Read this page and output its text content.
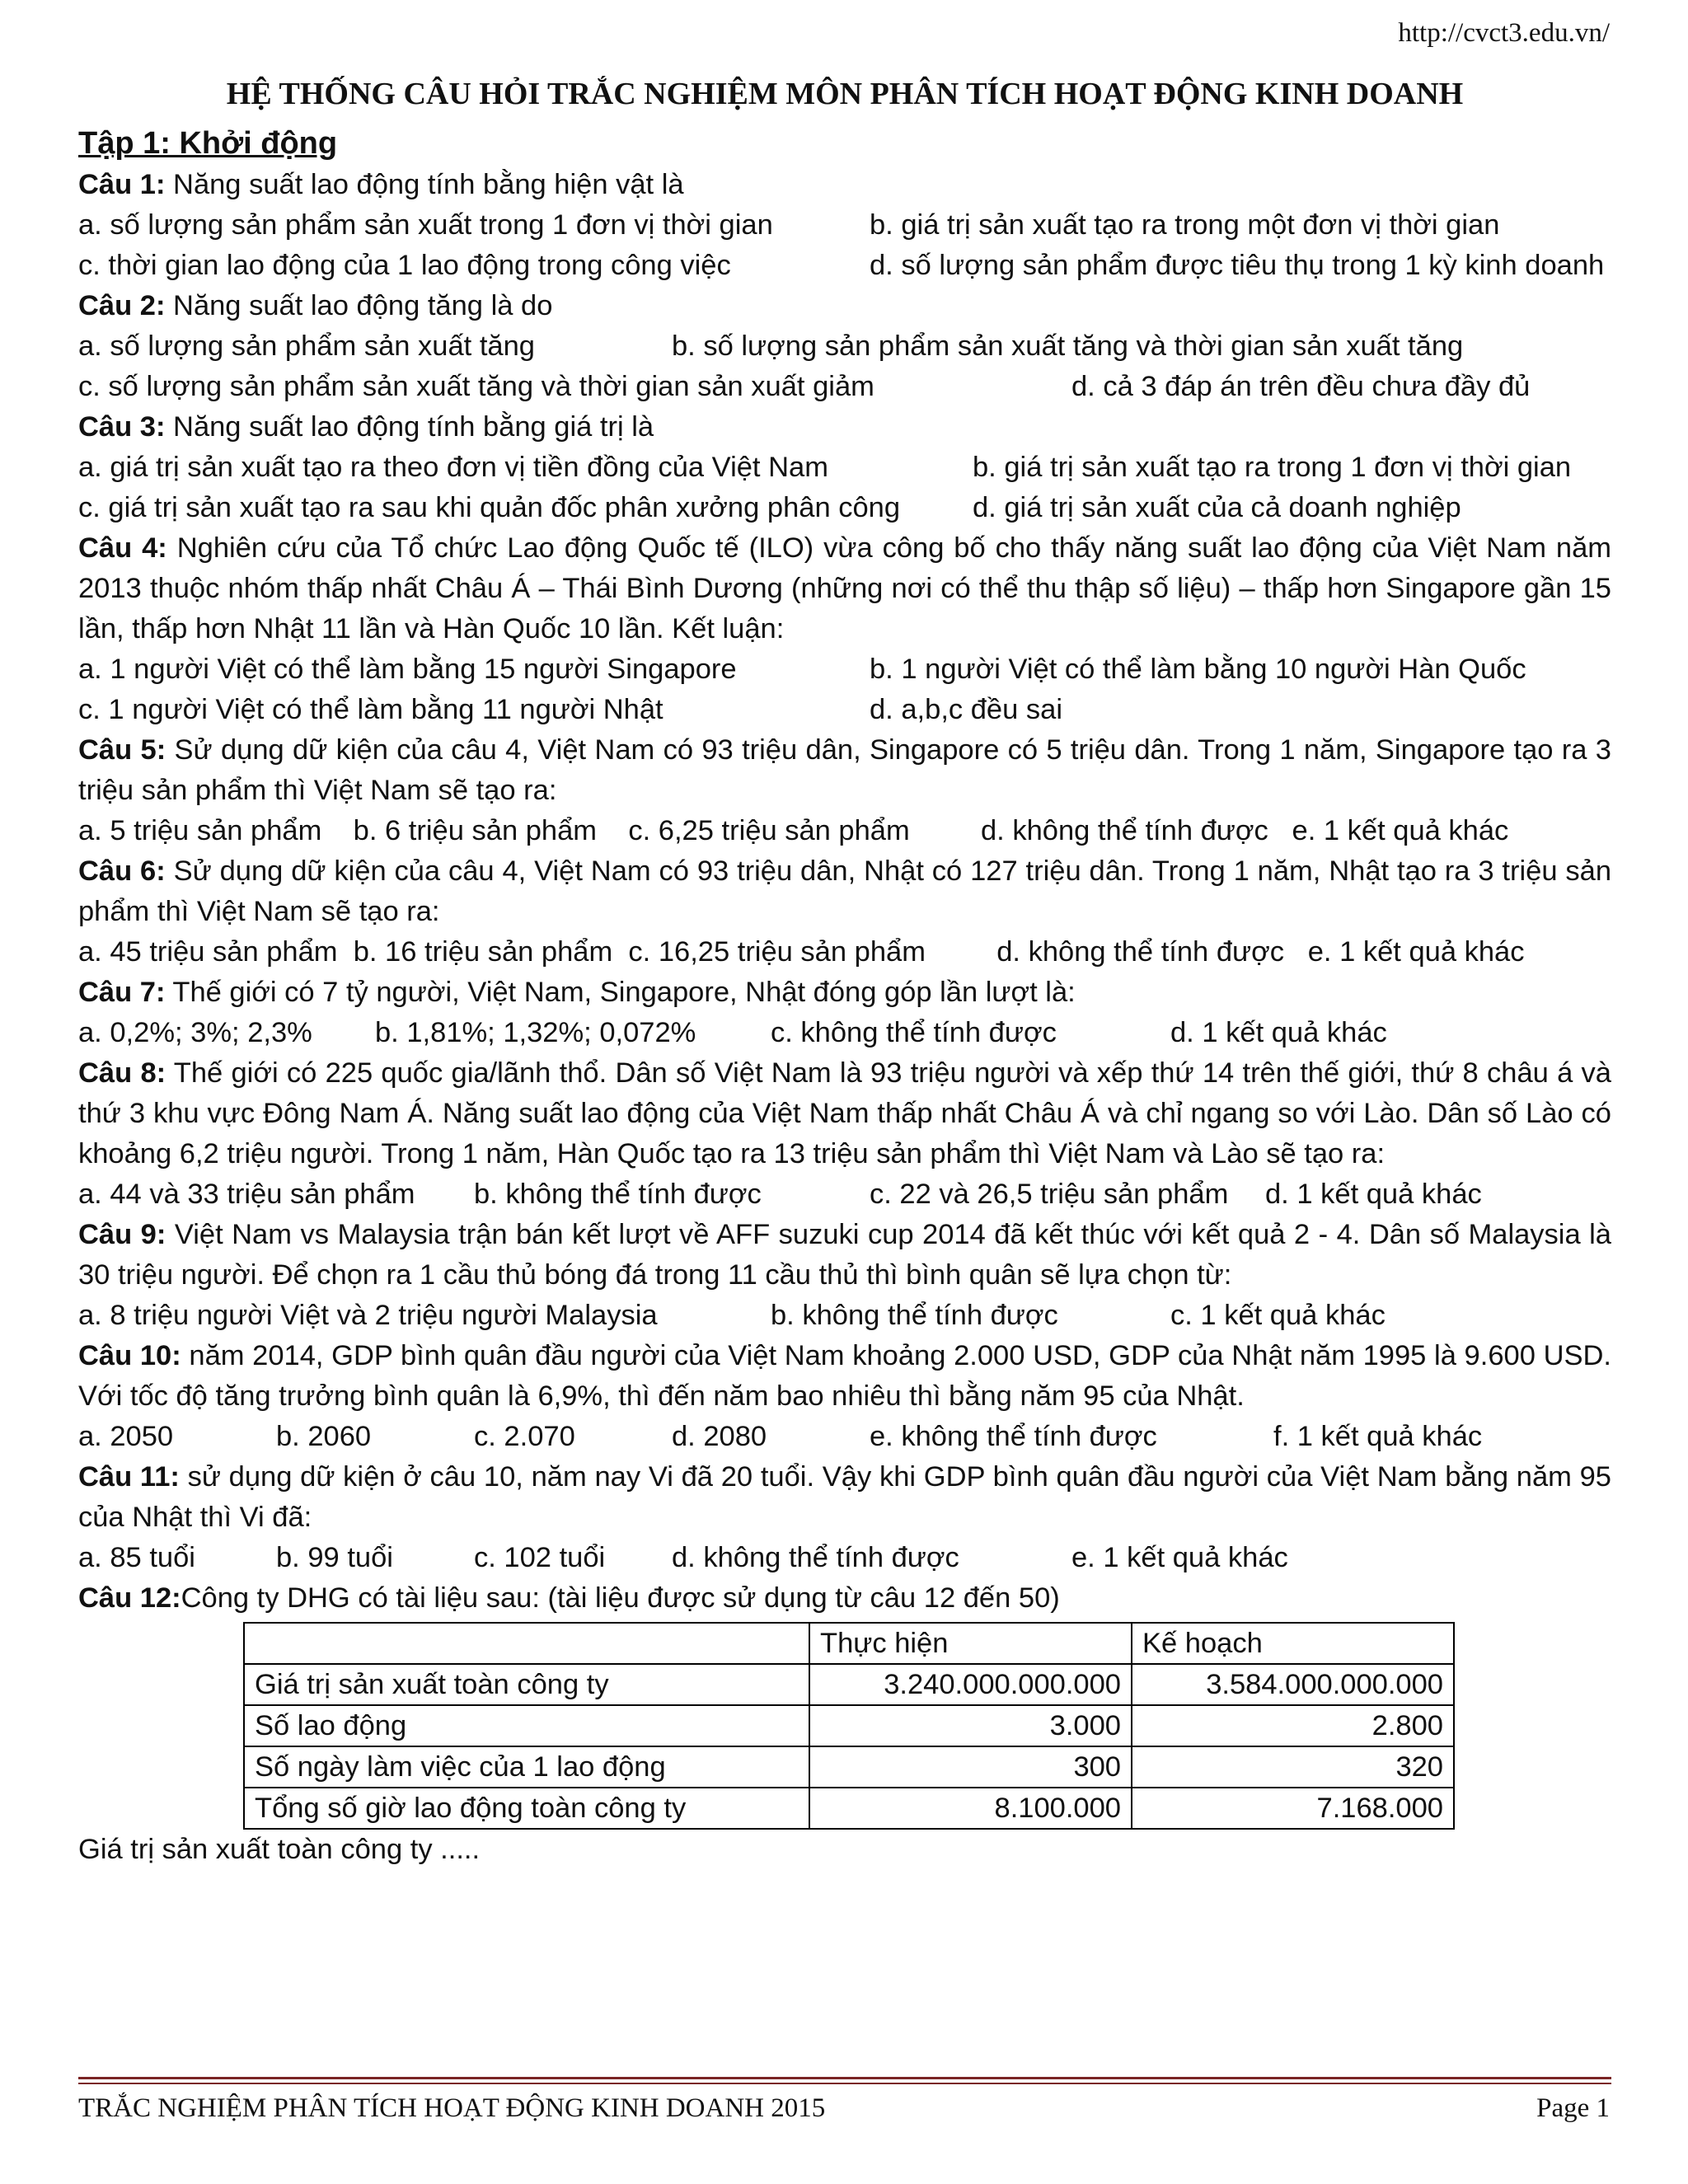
http://cvct3.edu.vn/
HỆ THỐNG CÂU HỎI TRẮC NGHIỆM MÔN PHÂN TÍCH HOẠT ĐỘNG KINH DOANH
Tập 1: Khởi động
Câu 1: Năng suất lao động tính bằng hiện vật là
a. số lượng sản phẩm sản xuất trong 1 đơn vị thời gian	b. giá trị sản xuất tạo ra trong một đơn vị thời gian
c. thời gian lao động của 1 lao động trong công việc	d. số lượng sản phẩm được tiêu thụ trong 1 kỳ kinh doanh
Câu 2: Năng suất lao động tăng là do
a. số lượng sản phẩm sản xuất tăng	b. số lượng sản phẩm sản xuất tăng và thời gian sản xuất tăng
c. số lượng sản phẩm sản xuất tăng và thời gian sản xuất giảm	d. cả 3 đáp án trên đều chưa đầy đủ
Câu 3: Năng suất lao động tính bằng giá trị là
a. giá trị sản xuất tạo ra theo đơn vị tiền đồng của Việt Nam	b. giá trị sản xuất tạo ra trong 1 đơn vị thời gian
c. giá trị sản xuất tạo ra sau khi quản đốc phân xưởng phân công	d. giá trị sản xuất của cả doanh nghiệp
Câu 4: Nghiên cứu của Tổ chức Lao động Quốc tế (ILO) vừa công bố cho thấy năng suất lao động của Việt Nam năm 2013 thuộc nhóm thấp nhất Châu Á – Thái Bình Dương (những nơi có thể thu thập số liệu) – thấp hơn Singapore gần 15 lần, thấp hơn Nhật 11 lần và Hàn Quốc 10 lần. Kết luận:
a. 1 người Việt có thể làm bằng 15 người Singapore	b. 1 người Việt có thể làm bằng 10 người Hàn Quốc
c. 1 người Việt có thể làm bằng 11 người Nhật	d. a,b,c đều sai
Câu 5: Sử dụng dữ kiện của câu 4, Việt Nam có 93 triệu dân, Singapore có 5 triệu dân. Trong 1 năm, Singapore tạo ra 3 triệu sản phẩm thì Việt Nam sẽ tạo ra:
a. 5 triệu sản phẩm    b. 6 triệu sản phẩm    c. 6,25 triệu sản phẩm         d. không thể tính được   e. 1 kết quả khác
Câu 6: Sử dụng dữ kiện của câu 4, Việt Nam có 93 triệu dân, Nhật có 127 triệu dân. Trong 1 năm, Nhật tạo ra 3 triệu sản phẩm thì Việt Nam sẽ tạo ra:
a. 45 triệu sản phẩm  b. 16 triệu sản phẩm  c. 16,25 triệu sản phẩm         d. không thể tính được   e. 1 kết quả khác
Câu 7: Thế giới có 7 tỷ người, Việt Nam, Singapore, Nhật đóng góp lần lượt là:
a. 0,2%; 3%; 2,3%	b. 1,81%; 1,32%; 0,072%	c. không thể tính được	d. 1 kết quả khác
Câu 8: Thế giới có 225 quốc gia/lãnh thổ. Dân số Việt Nam là 93 triệu người và xếp thứ 14 trên thế giới, thứ 8 châu á và thứ 3 khu vực Đông Nam Á. Năng suất lao động của Việt Nam thấp nhất Châu Á và chỉ ngang so với Lào. Dân số Lào có khoảng 6,2 triệu người. Trong 1 năm, Hàn Quốc tạo ra 13 triệu sản phẩm thì Việt Nam và Lào sẽ tạo ra:
a. 44 và 33 triệu sản phẩm	b. không thể tính được	c. 22 và 26,5 triệu sản phẩm	d. 1 kết quả khác
Câu 9: Việt Nam vs Malaysia trận bán kết lượt về AFF suzuki cup 2014 đã kết thúc với kết quả 2 - 4. Dân số Malaysia là 30 triệu người. Để chọn ra 1 cầu thủ bóng đá trong 11 cầu thủ thì bình quân sẽ lựa chọn từ:
a. 8 triệu người Việt và 2 triệu người Malaysia	b. không thể tính được	c. 1 kết quả khác
Câu 10: năm 2014, GDP bình quân đầu người của Việt Nam khoảng 2.000 USD, GDP của Nhật năm 1995 là 9.600 USD. Với tốc độ tăng trưởng bình quân là 6,9%, thì đến năm bao nhiêu thì bằng năm 95 của Nhật.
a. 2050	b. 2060	c. 2.070	d. 2080	e. không thể tính được	f. 1 kết quả khác
Câu 11: sử dụng dữ kiện ở câu 10, năm nay Vi đã 20 tuổi. Vậy khi GDP bình quân đầu người của Việt Nam bằng năm 95 của Nhật thì Vi đã:
a. 85 tuổi	b. 99 tuổi	c. 102 tuổi	d. không thể tính được	e. 1 kết quả khác
Câu 12:Công ty DHG có tài liệu sau: (tài liệu được sử dụng từ câu 12 đến 50)
	Thực hiện	Kế hoạch
Giá trị sản xuất toàn công ty	3.240.000.000.000	3.584.000.000.000
Số lao động	3.000	2.800
Số ngày làm việc của 1 lao động	300	320
Tổng số giờ lao động toàn công ty	8.100.000	7.168.000
Giá trị sản xuất toàn công ty .....
TRẮC NGHIỆM PHÂN TÍCH HOẠT ĐỘNG KINH DOANH 2015	Page 1
